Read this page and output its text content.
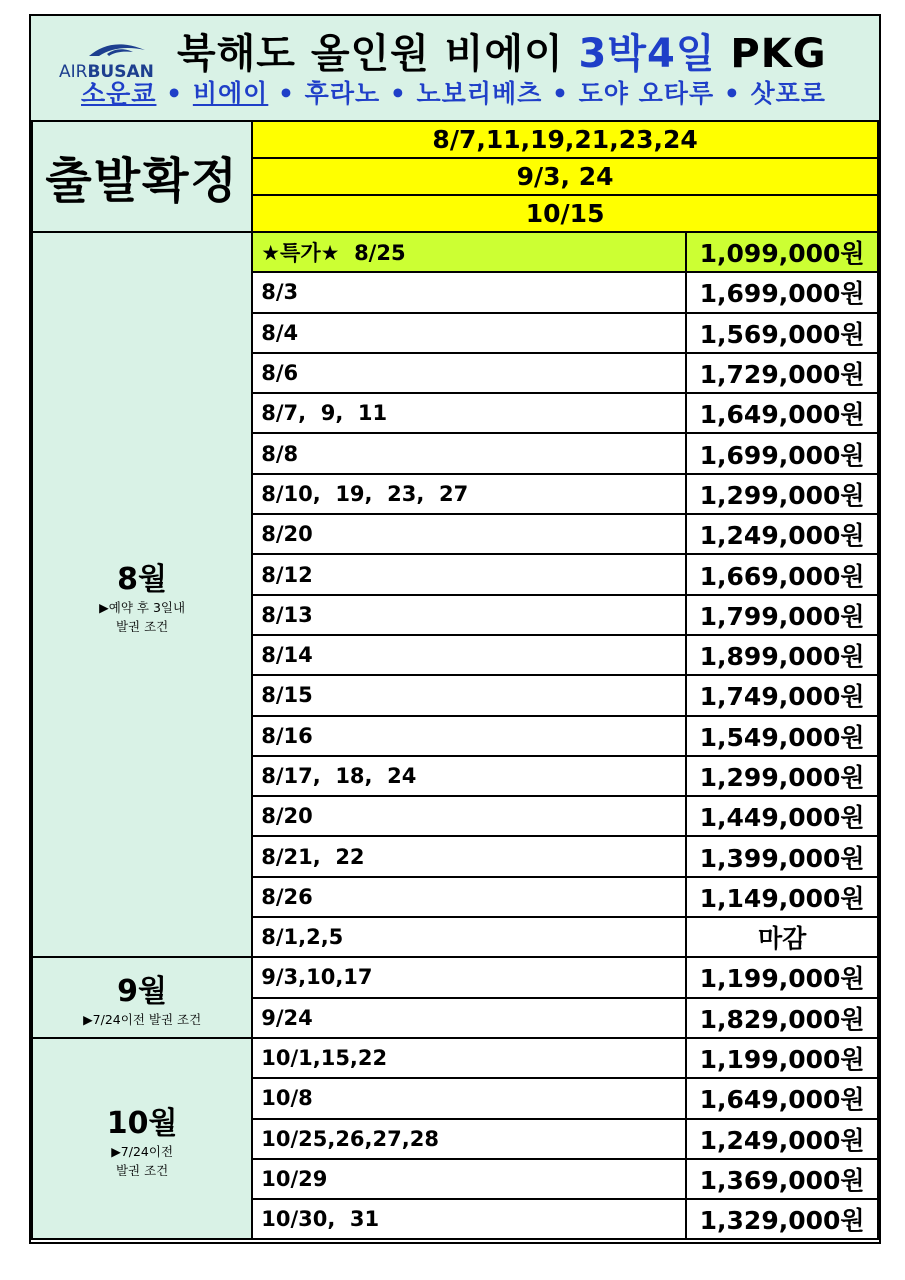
AIRBUSAN 북해도 올인원 비에이 3박4일 PKG
소운쿄 • 비에이 • 후라노 • 노보리베츠 • 도야 오타루 • 삿포로
출발확정	8/7,11,19,21,23,24	
	9/3, 24	
	10/15	

8월
▶예약 후 3일내
발권 조건	★특가★  8/25	1,099,000원
	8/3	1,699,000원
	8/4	1,569,000원
	8/6	1,729,000원
	8/7,  9,  11	1,649,000원
	8/8	1,699,000원
	8/10,  19,  23,  27	1,299,000원
	8/20	1,249,000원
	8/12	1,669,000원
	8/13	1,799,000원
	8/14	1,899,000원
	8/15	1,749,000원
	8/16	1,549,000원
	8/17,  18,  24	1,299,000원
	8/20	1,449,000원
	8/21,  22	1,399,000원
	8/26	1,149,000원
	8/1,2,5	마감

9월
▶7/24이전 발권 조건	9/3,10,17	1,199,000원
	9/24	1,829,000원

10월
▶7/24이전
발권 조건	10/1,15,22	1,199,000원
	10/8	1,649,000원
	10/25,26,27,28	1,249,000원
	10/29	1,369,000원
	10/30,  31	1,329,000원
